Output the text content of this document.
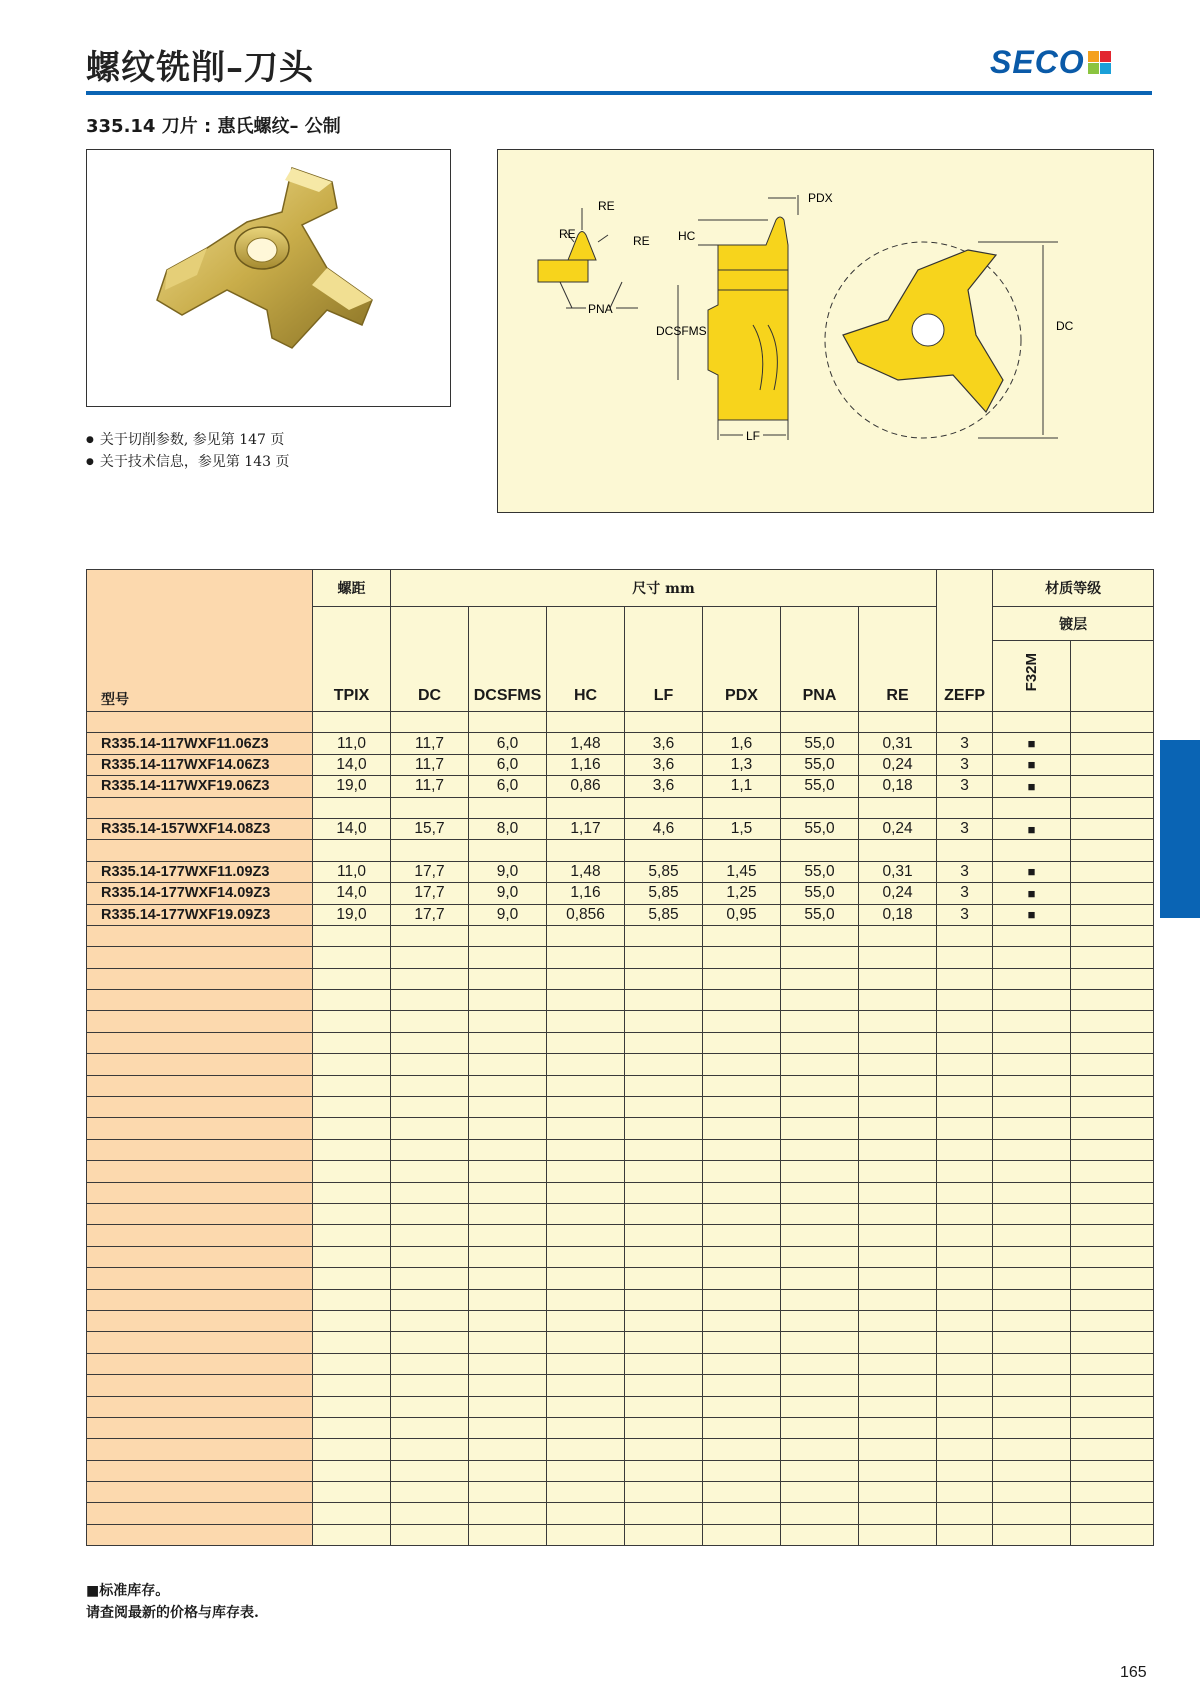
螺纹铣削–刀头	SECO
335.14 刀片 : 惠氏螺纹– 公制
● 关于切削参数, 参见第 147 页
● 关于技术信息，参见第 143 页
RE
RE	RE
PNA
PDX
HC
DCSFMS
LF
DC
型号	螺距	尺寸 mm							ZEFP	材质等级	
	TPIX	DC	DCSFMS	HC	LF	PDX	PNA	RE		镀层	
										F32M	

R335.14-117WXF11.06Z3	11,0	11,7	6,0	1,48	3,6	1,6	55,0	0,31	3	■	
R335.14-117WXF14.06Z3	14,0	11,7	6,0	1,16	3,6	1,3	55,0	0,24	3	■	
R335.14-117WXF19.06Z3	19,0	11,7	6,0	0,86	3,6	1,1	55,0	0,18	3	■	

R335.14-157WXF14.08Z3	14,0	15,7	8,0	1,17	4,6	1,5	55,0	0,24	3	■	

R335.14-177WXF11.09Z3	11,0	17,7	9,0	1,48	5,85	1,45	55,0	0,31	3	■	
R335.14-177WXF14.09Z3	14,0	17,7	9,0	1,16	5,85	1,25	55,0	0,24	3	■	
R335.14-177WXF19.09Z3	19,0	17,7	9,0	0,856	5,85	0,95	55,0	0,18	3	■	

■标准库存。
请查阅最新的价格与库存表.
165
